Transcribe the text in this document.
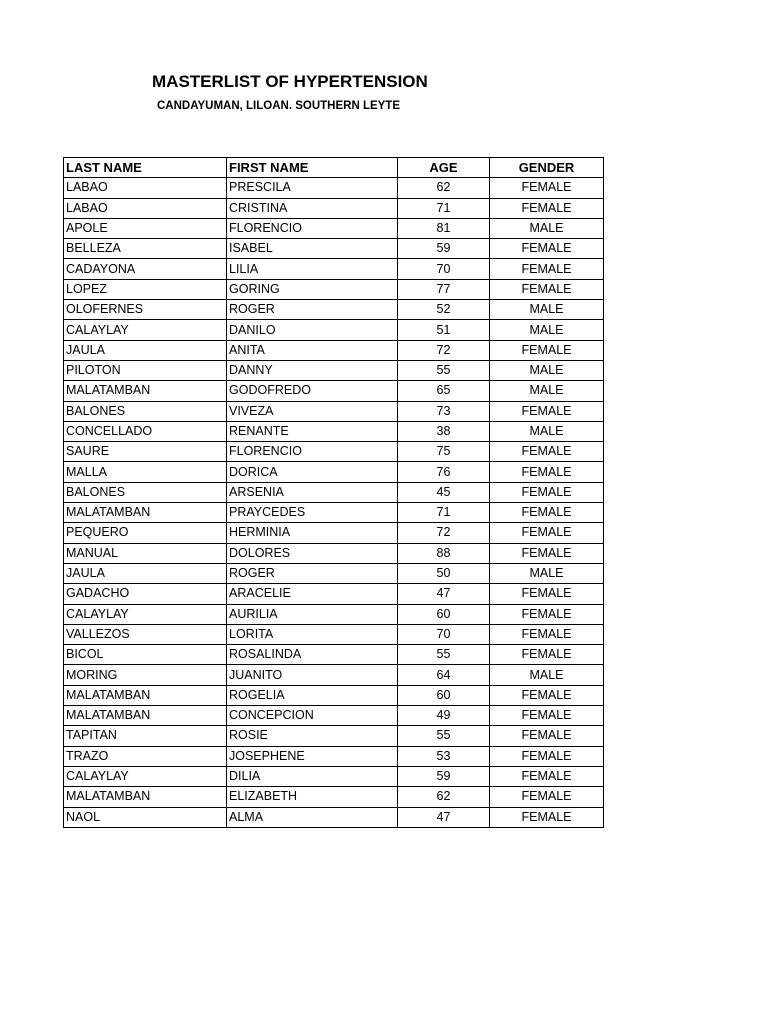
MASTERLIST OF HYPERTENSION
CANDAYUMAN, LILOAN. SOUTHERN LEYTE
LAST NAME	FIRST NAME	AGE	GENDER
LABAO	PRESCILA	62	FEMALE
LABAO	CRISTINA	71	FEMALE
APOLE	FLORENCIO	81	MALE
BELLEZA	ISABEL	59	FEMALE
CADAYONA	LILIA	70	FEMALE
LOPEZ	GORING	77	FEMALE
OLOFERNES	ROGER	52	MALE
CALAYLAY	DANILO	51	MALE
JAULA	ANITA	72	FEMALE
PILOTON	DANNY	55	MALE
MALATAMBAN	GODOFREDO	65	MALE
BALONES	VIVEZA	73	FEMALE
CONCELLADO	RENANTE	38	MALE
SAURE	FLORENCIO	75	FEMALE
MALLA	DORICA	76	FEMALE
BALONES	ARSENIA	45	FEMALE
MALATAMBAN	PRAYCEDES	71	FEMALE
PEQUERO	HERMINIA	72	FEMALE
MANUAL	DOLORES	88	FEMALE
JAULA	ROGER	50	MALE
GADACHO	ARACELIE	47	FEMALE
CALAYLAY	AURILIA	60	FEMALE
VALLEZOS	LORITA	70	FEMALE
BICOL	ROSALINDA	55	FEMALE
MORING	JUANITO	64	MALE
MALATAMBAN	ROGELIA	60	FEMALE
MALATAMBAN	CONCEPCION	49	FEMALE
TAPITAN	ROSIE	55	FEMALE
TRAZO	JOSEPHENE	53	FEMALE
CALAYLAY	DILIA	59	FEMALE
MALATAMBAN	ELIZABETH	62	FEMALE
NAOL	ALMA	47	FEMALE
